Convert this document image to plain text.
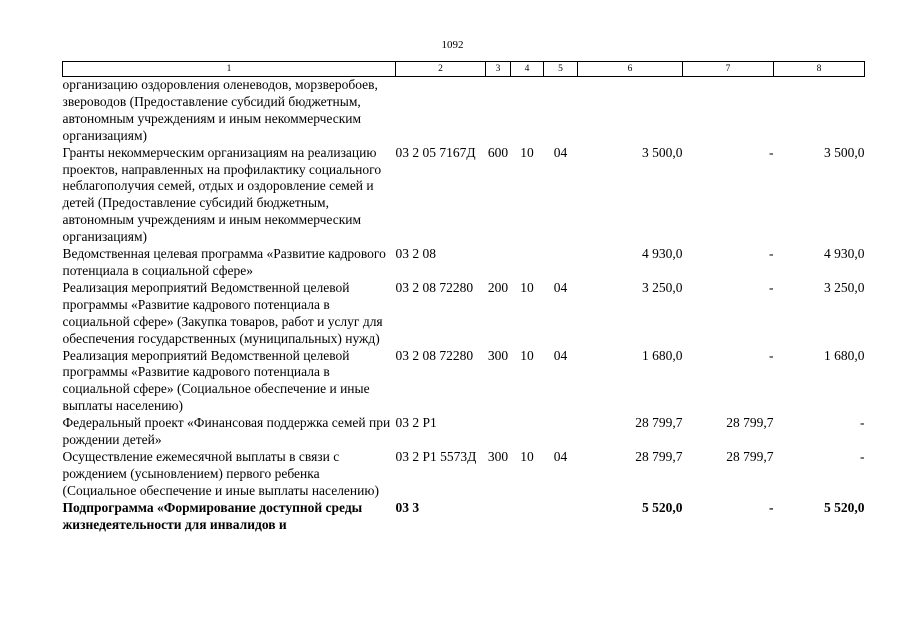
1092
1	2	3	4	5	6	7	8
организацию оздоровления оленеводов, морзверобоев, звероводов (Предоставление субсидий бюджетным, автономным учреждениям и иным некоммерческим организациям)							
Гранты некоммерческим организациям на реализацию проектов, направленных на профилактику социального неблагополучия семей, отдых и оздоровление семей и детей (Предоставление субсидий бюджетным, автономным учреждениям и иным некоммерческим организациям)	03 2 05 7167Д	600	10	04	3 500,0	-	3 500,0
Ведомственная целевая программа «Развитие кадрового потенциала в социальной сфере»	03 2 08				4 930,0	-	4 930,0
Реализация мероприятий Ведомственной целевой программы «Развитие кадрового потенциала в социальной сфере» (Закупка товаров, работ и услуг для обеспечения государственных (муниципальных) нужд)	03 2 08 72280	200	10	04	3 250,0	-	3 250,0
Реализация мероприятий Ведомственной целевой программы «Развитие кадрового потенциала в социальной сфере» (Социальное обеспечение и иные выплаты населению)	03 2 08 72280	300	10	04	1 680,0	-	1 680,0
Федеральный проект «Финансовая поддержка семей при рождении детей»	03 2 P1				28 799,7	28 799,7	-
Осуществление ежемесячной выплаты в связи с рождением (усыновлением) первого ребенка (Социальное обеспечение и иные выплаты населению)	03 2 P1 5573Д	300	10	04	28 799,7	28 799,7	-
Подпрограмма «Формирование доступной среды жизнедеятельности для инвалидов и	03 3				5 520,0	-	5 520,0
